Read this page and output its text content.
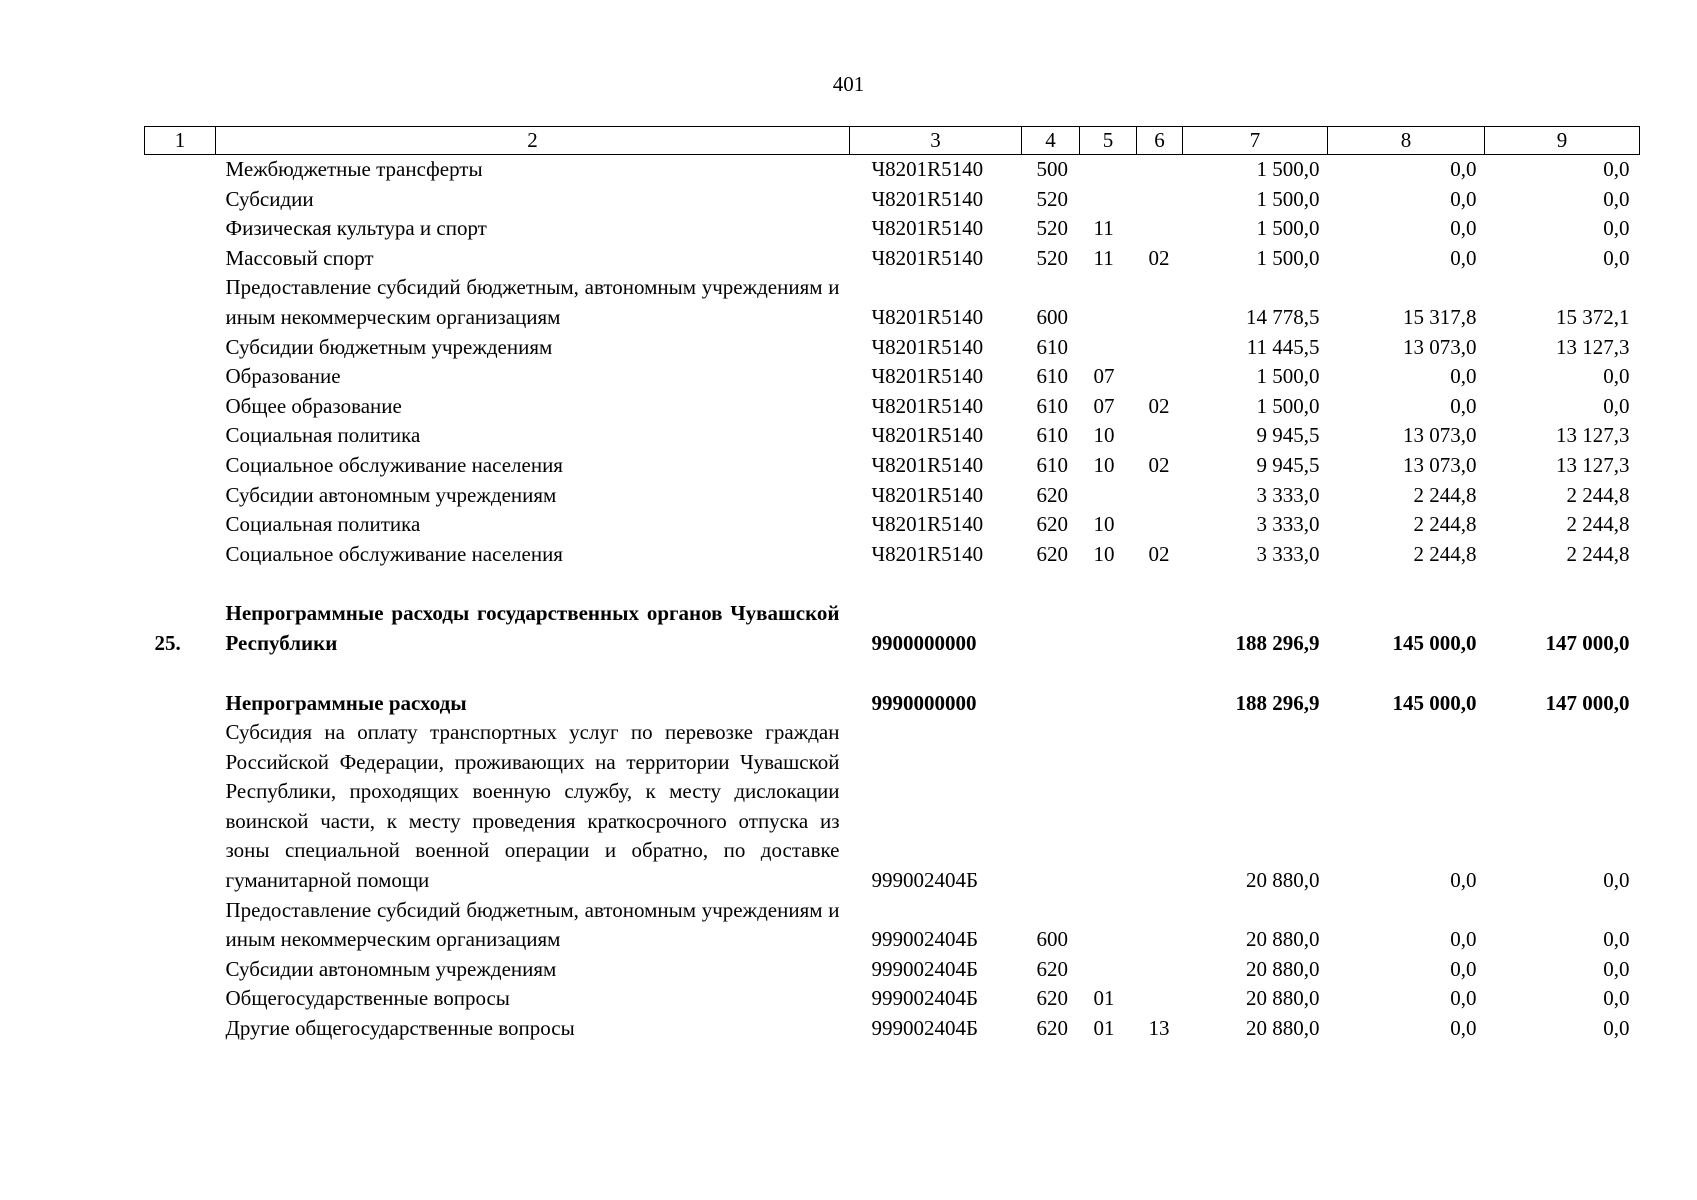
401
1	2	3	4	5	6	7	8	9
	Межбюджетные трансферты	Ч8201R5140	500			1 500,0	0,0	0,0
	Субсидии	Ч8201R5140	520			1 500,0	0,0	0,0
	Физическая культура и спорт	Ч8201R5140	520	11		1 500,0	0,0	0,0
	Массовый спорт	Ч8201R5140	520	11	02	1 500,0	0,0	0,0
	Предоставление субсидий бюджетным, автономным учреждениям и иным некоммерческим организациям	Ч8201R5140	600			14 778,5	15 317,8	15 372,1
	Субсидии бюджетным учреждениям	Ч8201R5140	610			11 445,5	13 073,0	13 127,3
	Образование	Ч8201R5140	610	07		1 500,0	0,0	0,0
	Общее образование	Ч8201R5140	610	07	02	1 500,0	0,0	0,0
	Социальная политика	Ч8201R5140	610	10		9 945,5	13 073,0	13 127,3
	Социальное обслуживание населения	Ч8201R5140	610	10	02	9 945,5	13 073,0	13 127,3
	Субсидии автономным учреждениям	Ч8201R5140	620			3 333,0	2 244,8	2 244,8
	Социальная политика	Ч8201R5140	620	10		3 333,0	2 244,8	2 244,8
	Социальное обслуживание населения	Ч8201R5140	620	10	02	3 333,0	2 244,8	2 244,8

25.	Непрограммные расходы государственных органов Чувашской Республики	9900000000				188 296,9	145 000,0	147 000,0

	Непрограммные расходы	9990000000				188 296,9	145 000,0	147 000,0
	Субсидия на оплату транспортных услуг по перевозке граждан Российской Федерации, проживающих на территории Чувашской Республики, проходящих военную службу, к месту дислокации воинской части, к месту проведения краткосрочного отпуска из зоны специальной военной операции и обратно, по доставке гуманитарной помощи	999002404Б				20 880,0	0,0	0,0
	Предоставление субсидий бюджетным, автономным учреждениям и иным некоммерческим организациям	999002404Б	600			20 880,0	0,0	0,0
	Субсидии автономным учреждениям	999002404Б	620			20 880,0	0,0	0,0
	Общегосударственные вопросы	999002404Б	620	01		20 880,0	0,0	0,0
	Другие общегосударственные вопросы	999002404Б	620	01	13	20 880,0	0,0	0,0
